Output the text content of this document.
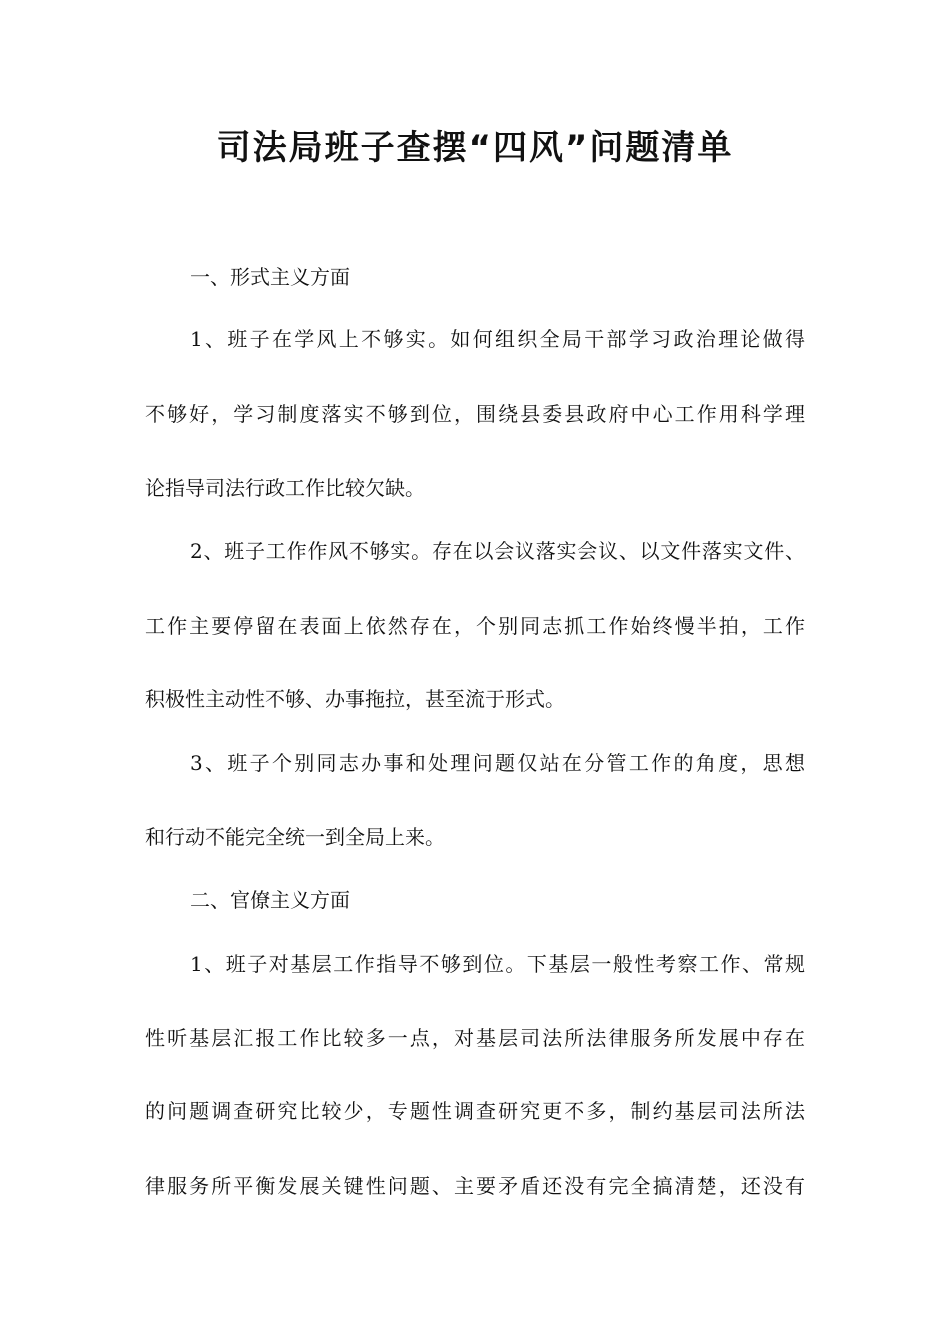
司法局班子查摆“四风”问题清单
一、形式主义方面
1、班子在学风上不够实。如何组织全局干部学习政治理论做得
不够好，学习制度落实不够到位，围绕县委县政府中心工作用科学理
论指导司法行政工作比较欠缺。
2、班子工作作风不够实。存在以会议落实会议、以文件落实文件、
工作主要停留在表面上依然存在，个别同志抓工作始终慢半拍，工作
积极性主动性不够、办事拖拉，甚至流于形式。
3、班子个别同志办事和处理问题仅站在分管工作的角度，思想
和行动不能完全统一到全局上来。
二、官僚主义方面
1、班子对基层工作指导不够到位。下基层一般性考察工作、常规
性听基层汇报工作比较多一点，对基层司法所法律服务所发展中存在
的问题调查研究比较少，专题性调查研究更不多，制约基层司法所法
律服务所平衡发展关键性问题、主要矛盾还没有完全搞清楚，还没有
